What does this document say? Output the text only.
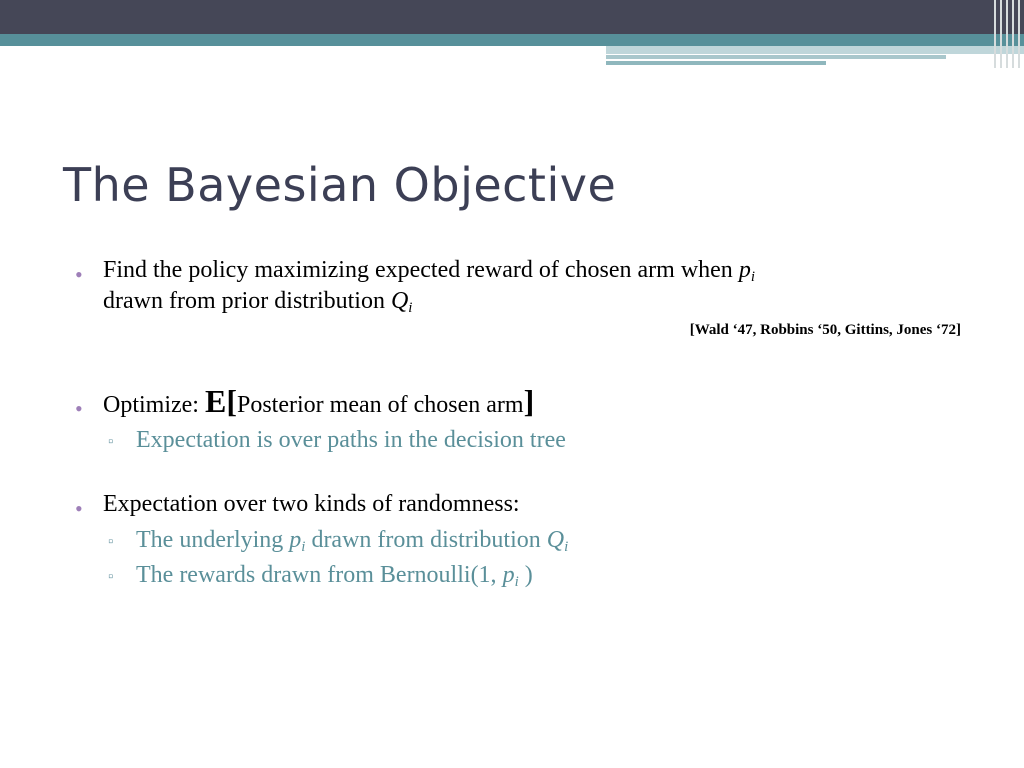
The Bayesian Objective
• Find the policy maximizing expected reward of chosen arm when pi
drawn from prior distribution Qi
[Wald ‘47, Robbins ‘50, Gittins, Jones ‘72]
• Optimize: E[Posterior mean of chosen arm]
▫ Expectation is over paths in the decision tree
• Expectation over two kinds of randomness:
▫ The underlying pi drawn from distribution Qi
▫ The rewards drawn from Bernoulli(1, pi )
